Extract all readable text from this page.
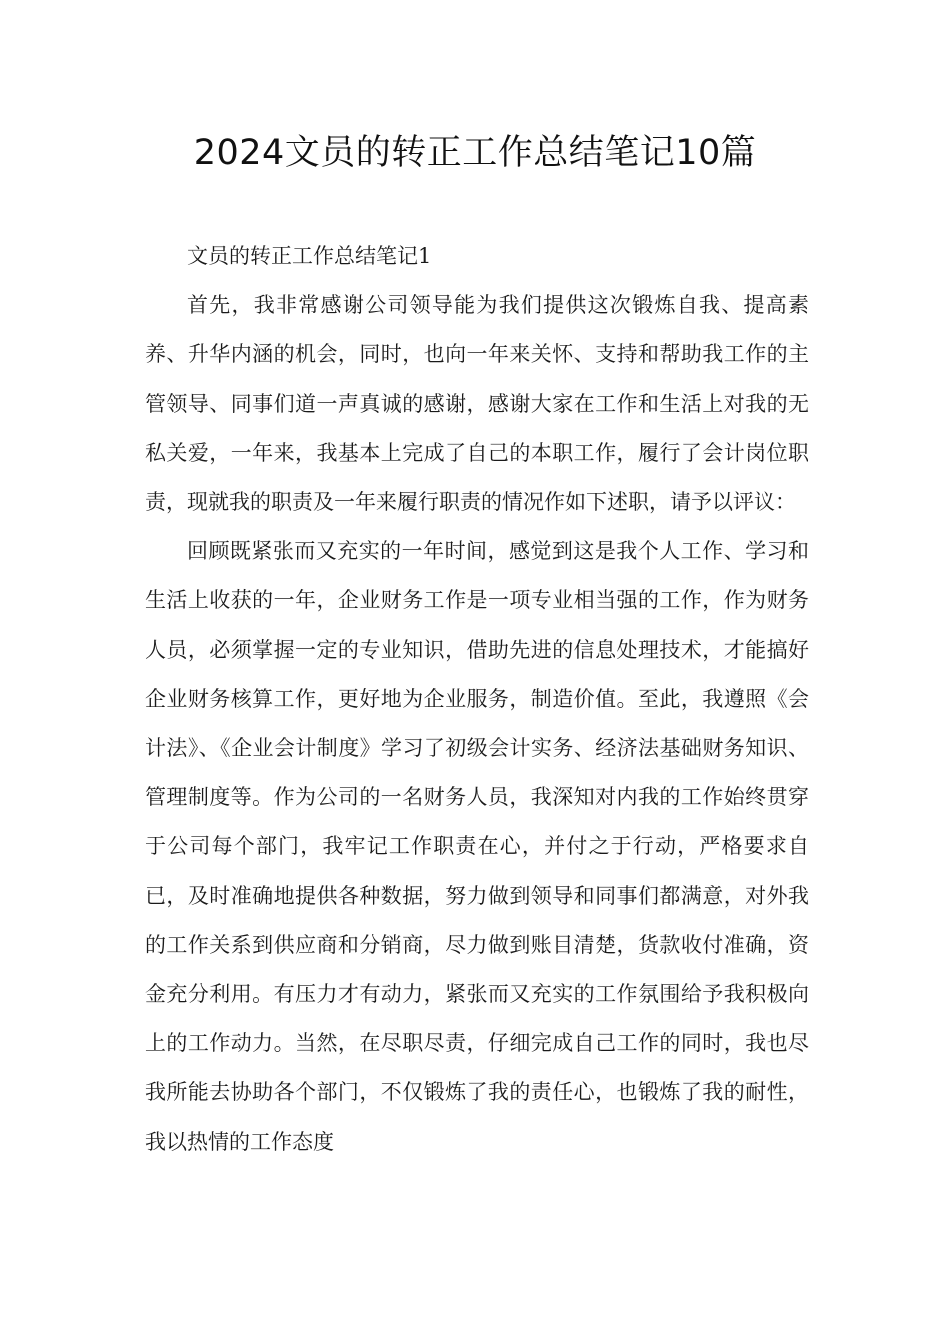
2024文员的转正工作总结笔记10篇

文员的转正工作总结笔记1

首先，我非常感谢公司领导能为我们提供这次锻炼自我、提高素养、升华内涵的机会，同时，也向一年来关怀、支持和帮助我工作的主管领导、同事们道一声真诚的感谢，感谢大家在工作和生活上对我的无私关爱，一年来，我基本上完成了自己的本职工作，履行了会计岗位职责，现就我的职责及一年来履行职责的情况作如下述职，请予以评议：

回顾既紧张而又充实的一年时间，感觉到这是我个人工作、学习和生活上收获的一年，企业财务工作是一项专业相当强的工作，作为财务人员，必须掌握一定的专业知识，借助先进的信息处理技术，才能搞好企业财务核算工作，更好地为企业服务，制造价值。至此，我遵照《会计法》、《企业会计制度》学习了初级会计实务、经济法基础财务知识、管理制度等。作为公司的一名财务人员，我深知对内我的工作始终贯穿于公司每个部门，我牢记工作职责在心，并付之于行动，严格要求自已，及时准确地提供各种数据，努力做到领导和同事们都满意，对外我的工作关系到供应商和分销商，尽力做到账目清楚，货款收付准确，资金充分利用。有压力才有动力，紧张而又充实的工作氛围给予我积极向上的工作动力。当然，在尽职尽责，仔细完成自己工作的同时，我也尽我所能去协助各个部门，不仅锻炼了我的责任心，也锻炼了我的耐性，我以热情的工作态度
